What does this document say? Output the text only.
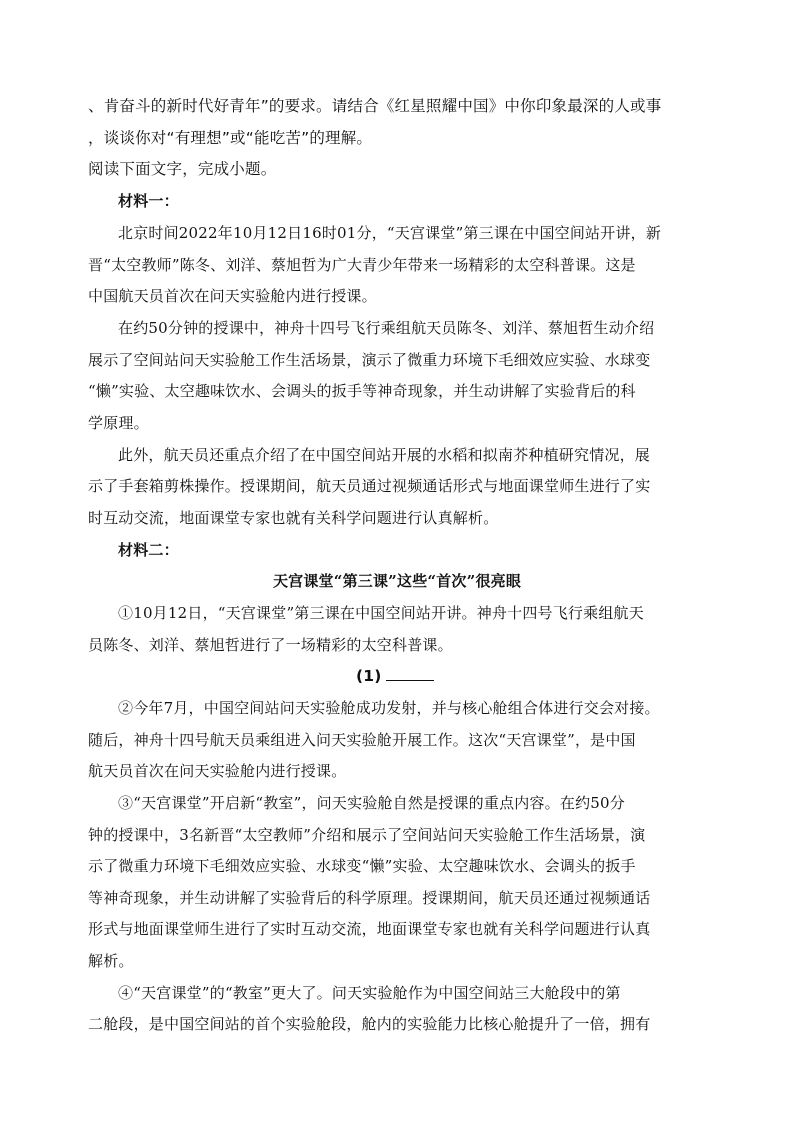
、肯奋斗的新时代好青年”的要求。请结合《红星照耀中国》中你印象最深的人或事
，谈谈你对“有理想”或“能吃苦”的理解。
阅读下面文字，完成小题。
材料一：
北京时间2022年10月12日16时01分，“天宫课堂”第三课在中国空间站开讲，新
晋“太空教师”陈冬、刘洋、蔡旭哲为广大青少年带来一场精彩的太空科普课。这是
中国航天员首次在问天实验舱内进行授课。
在约50分钟的授课中，神舟十四号飞行乘组航天员陈冬、刘洋、蔡旭哲生动介绍
展示了空间站问天实验舱工作生活场景，演示了微重力环境下毛细效应实验、水球变
“懒”实验、太空趣味饮水、会调头的扳手等神奇现象，并生动讲解了实验背后的科
学原理。
此外，航天员还重点介绍了在中国空间站开展的水稻和拟南芥种植研究情况，展
示了手套箱剪株操作。授课期间，航天员通过视频通话形式与地面课堂师生进行了实
时互动交流，地面课堂专家也就有关科学问题进行认真解析。
材料二：
天宫课堂“第三课”这些“首次”很亮眼
①10月12日，“天宫课堂”第三课在中国空间站开讲。神舟十四号飞行乘组航天
员陈冬、刘洋、蔡旭哲进行了一场精彩的太空科普课。
(1)
②今年7月，中国空间站问天实验舱成功发射，并与核心舱组合体进行交会对接。
随后，神舟十四号航天员乘组进入问天实验舱开展工作。这次“天宫课堂”，是中国
航天员首次在问天实验舱内进行授课。
③“天宫课堂”开启新“教室”，问天实验舱自然是授课的重点内容。在约50分
钟的授课中，3名新晋“太空教师”介绍和展示了空间站问天实验舱工作生活场景，演
示了微重力环境下毛细效应实验、水球变“懒”实验、太空趣味饮水、会调头的扳手
等神奇现象，并生动讲解了实验背后的科学原理。授课期间，航天员还通过视频通话
形式与地面课堂师生进行了实时互动交流，地面课堂专家也就有关科学问题进行认真
解析。
④“天宫课堂”的“教室”更大了。问天实验舱作为中国空间站三大舱段中的第
二舱段，是中国空间站的首个实验舱段，舱内的实验能力比核心舱提升了一倍，拥有
